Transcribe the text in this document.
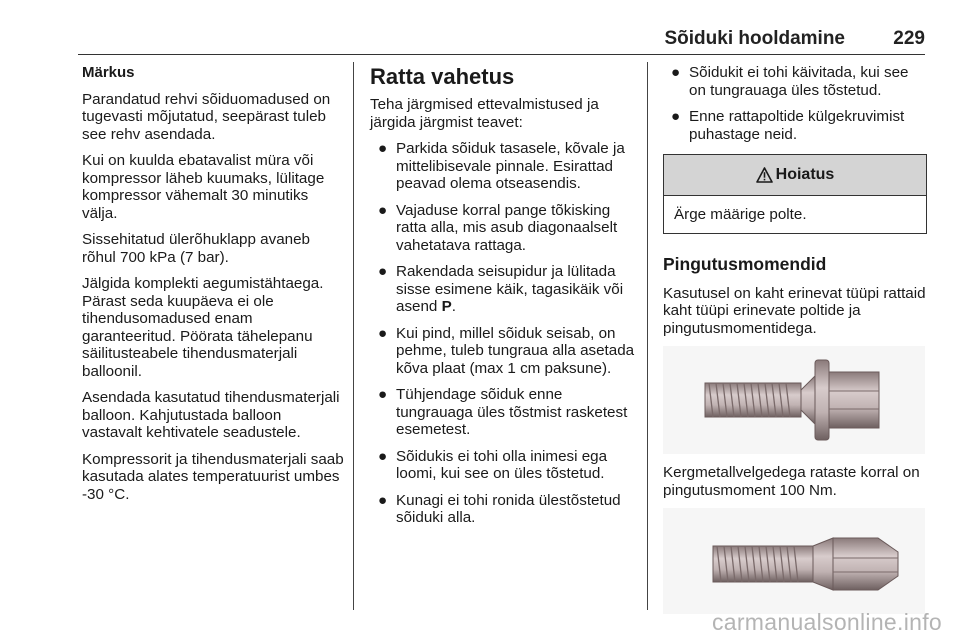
Sõiduki hooldamine	229

Märkus

Parandatud rehvi sõiduomadused on tugevasti mõjutatud, seepärast tuleb see rehv asendada.

Kui on kuulda ebatavalist müra või kompressor läheb kuumaks, lülitage kompressor vähemalt 30 minutiks välja.

Sissehitatud ülerõhuklapp avaneb rõhul 700 kPa (7 bar).

Jälgida komplekti aegumistähtaega. Pärast seda kuupäeva ei ole tihendusomadused enam garanteeritud. Pöörata tähelepanu säilitusteabele tihendusmaterjali balloonil.

Asendada kasutatud tihendusmaterjali balloon. Kahjutustada balloon vastavalt kehtivatele seadustele.

Kompressorit ja tihendusmaterjali saab kasutada alates temperatuurist umbes -30 °C.

Ratta vahetus

Teha järgmised ettevalmistused ja järgida järgmist teavet:

● Parkida sõiduk tasasele, kõvale ja mittelibisevale pinnale. Esirattad peavad olema otseasendis.
● Vajaduse korral pange tõkisking ratta alla, mis asub diagonaalselt vahetatava rattaga.
● Rakendada seisupidur ja lülitada sisse esimene käik, tagasikäik või asend P.
● Kui pind, millel sõiduk seisab, on pehme, tuleb tungraua alla asetada kõva plaat (max 1 cm paksune).
● Tühjendage sõiduk enne tungrauaga üles tõstmist rasketest esemetest.
● Sõidukis ei tohi olla inimesi ega loomi, kui see on üles tõstetud.
● Kunagi ei tohi ronida ülestõstetud sõiduki alla.
● Sõidukit ei tohi käivitada, kui see on tungrauaga üles tõstetud.
● Enne rattapoltide külgekruvimist puhastage neid.
Hoiatus
Ärge määrige polte.
Pingutusmomendid

Kasutusel on kaht erinevat tüüpi rattaid kaht tüüpi erinevate poltide ja pingutusmomentidega.

Kergmetallvelgedega rataste korral on pingutusmoment 100 Nm.

carmanualsonline.info
